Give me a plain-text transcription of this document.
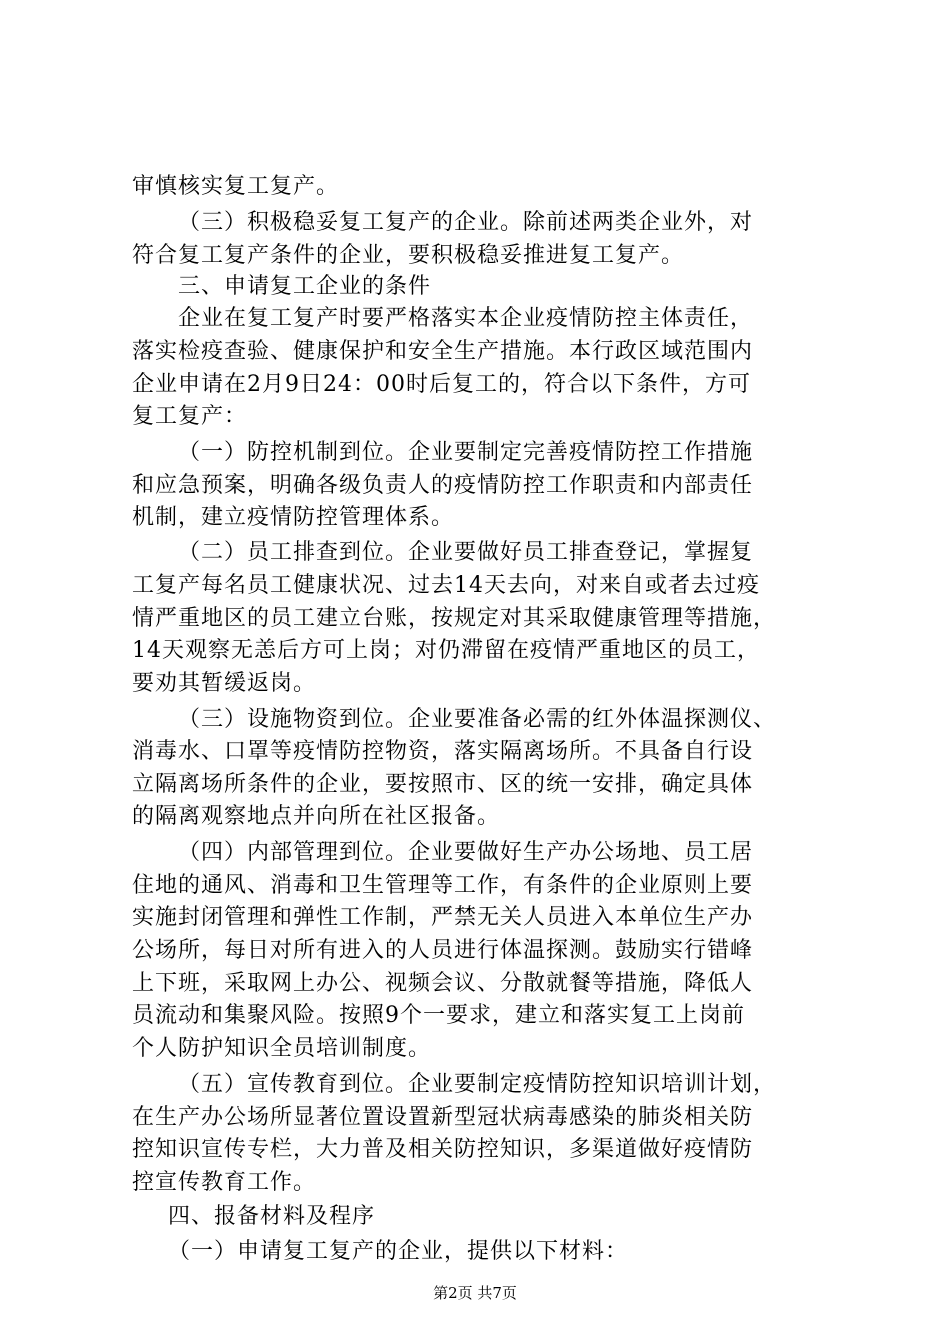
审慎核实复工复产。
（三）积极稳妥复工复产的企业。除前述两类企业外，对
符合复工复产条件的企业，要积极稳妥推进复工复产。
三、申请复工企业的条件
企业在复工复产时要严格落实本企业疫情防控主体责任，
落实检疫查验、健康保护和安全生产措施。本行政区域范围内
企业申请在2月9日24：00时后复工的，符合以下条件，方可
复工复产：
（一）防控机制到位。企业要制定完善疫情防控工作措施
和应急预案，明确各级负责人的疫情防控工作职责和内部责任
机制，建立疫情防控管理体系。
（二）员工排查到位。企业要做好员工排查登记，掌握复
工复产每名员工健康状况、过去14天去向，对来自或者去过疫
情严重地区的员工建立台账，按规定对其采取健康管理等措施，
14天观察无恙后方可上岗；对仍滞留在疫情严重地区的员工，
要劝其暂缓返岗。
（三）设施物资到位。企业要准备必需的红外体温探测仪、
消毒水、口罩等疫情防控物资，落实隔离场所。不具备自行设
立隔离场所条件的企业，要按照市、区的统一安排，确定具体
的隔离观察地点并向所在社区报备。
（四）内部管理到位。企业要做好生产办公场地、员工居
住地的通风、消毒和卫生管理等工作，有条件的企业原则上要
实施封闭管理和弹性工作制，严禁无关人员进入本单位生产办
公场所，每日对所有进入的人员进行体温探测。鼓励实行错峰
上下班，采取网上办公、视频会议、分散就餐等措施，降低人
员流动和集聚风险。按照9个一要求，建立和落实复工上岗前
个人防护知识全员培训制度。
（五）宣传教育到位。企业要制定疫情防控知识培训计划，
在生产办公场所显著位置设置新型冠状病毒感染的肺炎相关防
控知识宣传专栏，大力普及相关防控知识，多渠道做好疫情防
控宣传教育工作。
四、报备材料及程序
（一）申请复工复产的企业，提供以下材料：
第2页 共7页
